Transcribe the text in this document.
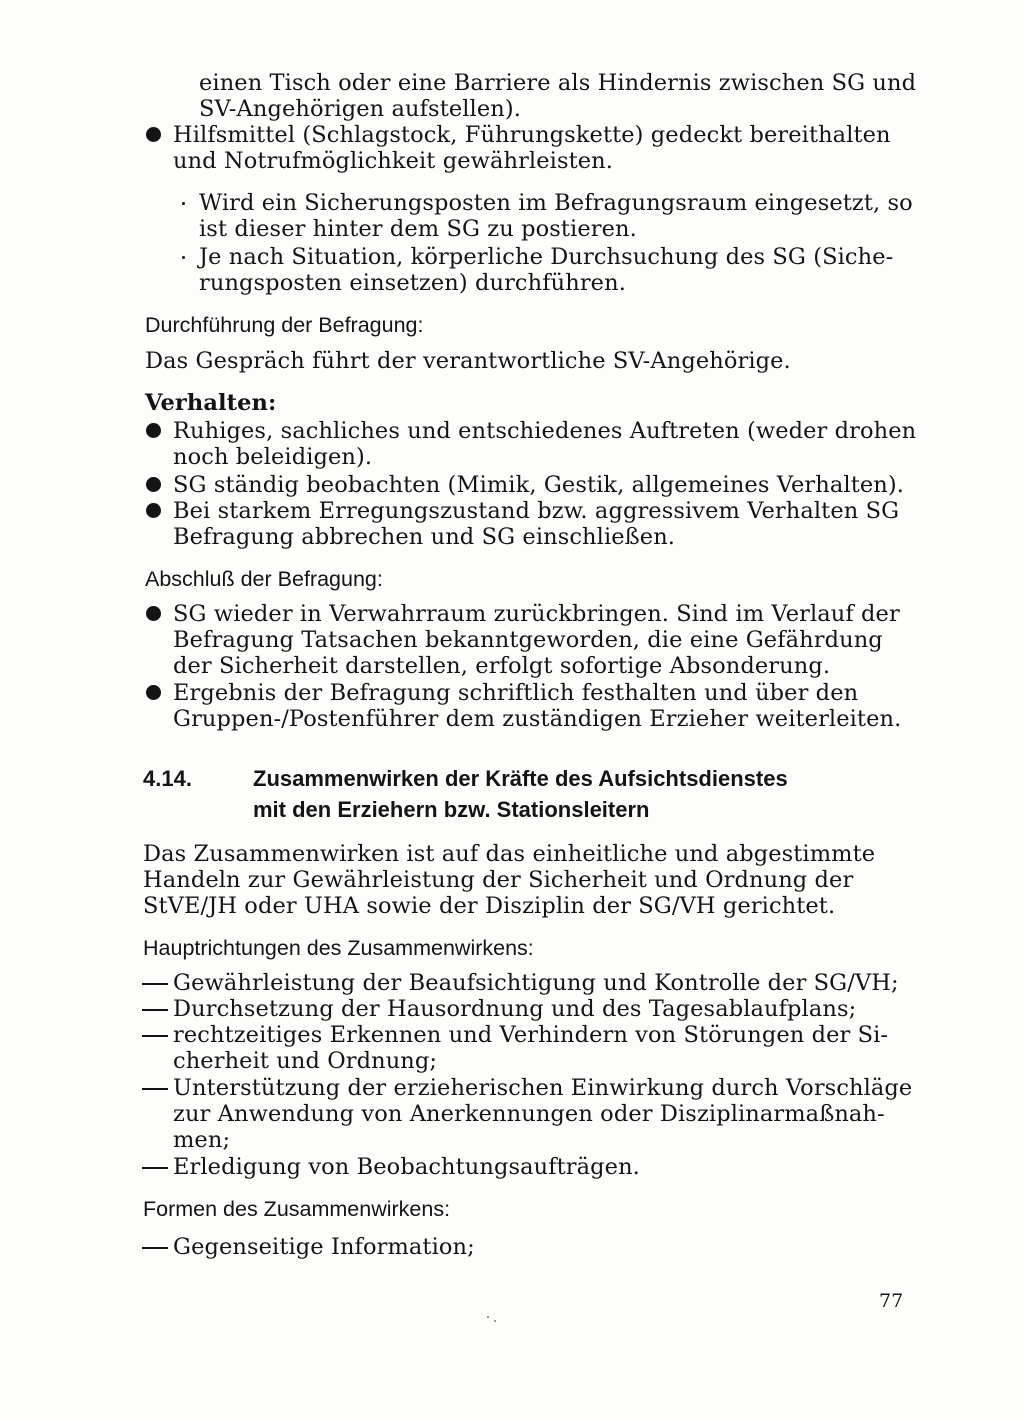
einen Tisch oder eine Barriere als Hindernis zwischen SG und
SV-Angehörigen aufstellen).
Hilfsmittel (Schlagstock, Führungskette) gedeckt bereithalten
und Notrufmöglichkeit gewährleisten.
Wird ein Sicherungsposten im Befragungsraum eingesetzt, so
ist dieser hinter dem SG zu postieren.
Je nach Situation, körperliche Durchsuchung des SG (Siche-
rungsposten einsetzen) durchführen.
Durchführung der Befragung:
Das Gespräch führt der verantwortliche SV-Angehörige.
Verhalten:
Ruhiges, sachliches und entschiedenes Auftreten (weder drohen
noch beleidigen).
SG ständig beobachten (Mimik, Gestik, allgemeines Verhalten).
Bei starkem Erregungszustand bzw. aggressivem Verhalten SG
Befragung abbrechen und SG einschließen.
Abschluß der Befragung:
SG wieder in Verwahrraum zurückbringen. Sind im Verlauf der
Befragung Tatsachen bekanntgeworden, die eine Gefährdung
der Sicherheit darstellen, erfolgt sofortige Absonderung.
Ergebnis der Befragung schriftlich festhalten und über den
Gruppen-/Postenführer dem zuständigen Erzieher weiterleiten.
4.14.	Zusammenwirken der Kräfte des Aufsichtsdienstes
mit den Erziehern bzw. Stationsleitern
Das Zusammenwirken ist auf das einheitliche und abgestimmte
Handeln zur Gewährleistung der Sicherheit und Ordnung der
StVE/JH oder UHA sowie der Disziplin der SG/VH gerichtet.
Hauptrichtungen des Zusammenwirkens:
Gewährleistung der Beaufsichtigung und Kontrolle der SG/VH;
Durchsetzung der Hausordnung und des Tagesablaufplans;
rechtzeitiges Erkennen und Verhindern von Störungen der Si-
cherheit und Ordnung;
Unterstützung der erzieherischen Einwirkung durch Vorschläge
zur Anwendung von Anerkennungen oder Disziplinarmaßnah-
men;
Erledigung von Beobachtungsaufträgen.
Formen des Zusammenwirkens:
Gegenseitige Information;
77
